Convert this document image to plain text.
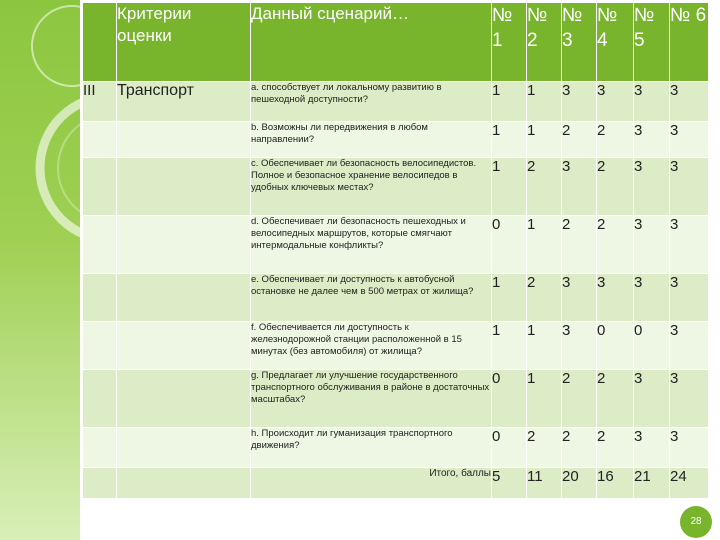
	Критерии оценки	Данный сценарий…	№ 1	№ 2	№ 3	№ 4	№ 5	№ 6
III	Транспорт	a. способствует ли локальному развитию в пешеходной доступности?	1	1	3	3	3	3
		b. Возможны ли передвижения в любом направлении?	1	1	2	2	3	3
		c. Обеспечивает ли безопасность велосипедистов. Полное и безопасное хранение велосипедов в удобных ключевых местах?	1	2	3	2	3	3
		d. Обеспечивает ли безопасность пешеходных и велосипедных маршрутов, которые смягчают интермодальные конфликты?	0	1	2	2	3	3
		e. Обеспечивает ли доступность к автобусной остановке не далее чем в 500 метрах от жилища?	1	2	3	3	3	3
		f. Обеспечивается ли доступность к железнодорожной станции расположенной в 15 минутах (без автомобиля) от жилища?	1	1	3	0	0	3
		g. Предлагает ли улучшение государственного транспортного обслуживания в районе в достаточных масштабах?	0	1	2	2	3	3
		h. Происходит ли гуманизация транспортного движения?	0	2	2	2	3	3
		Итого, баллы	5	11	20	16	21	24
28
